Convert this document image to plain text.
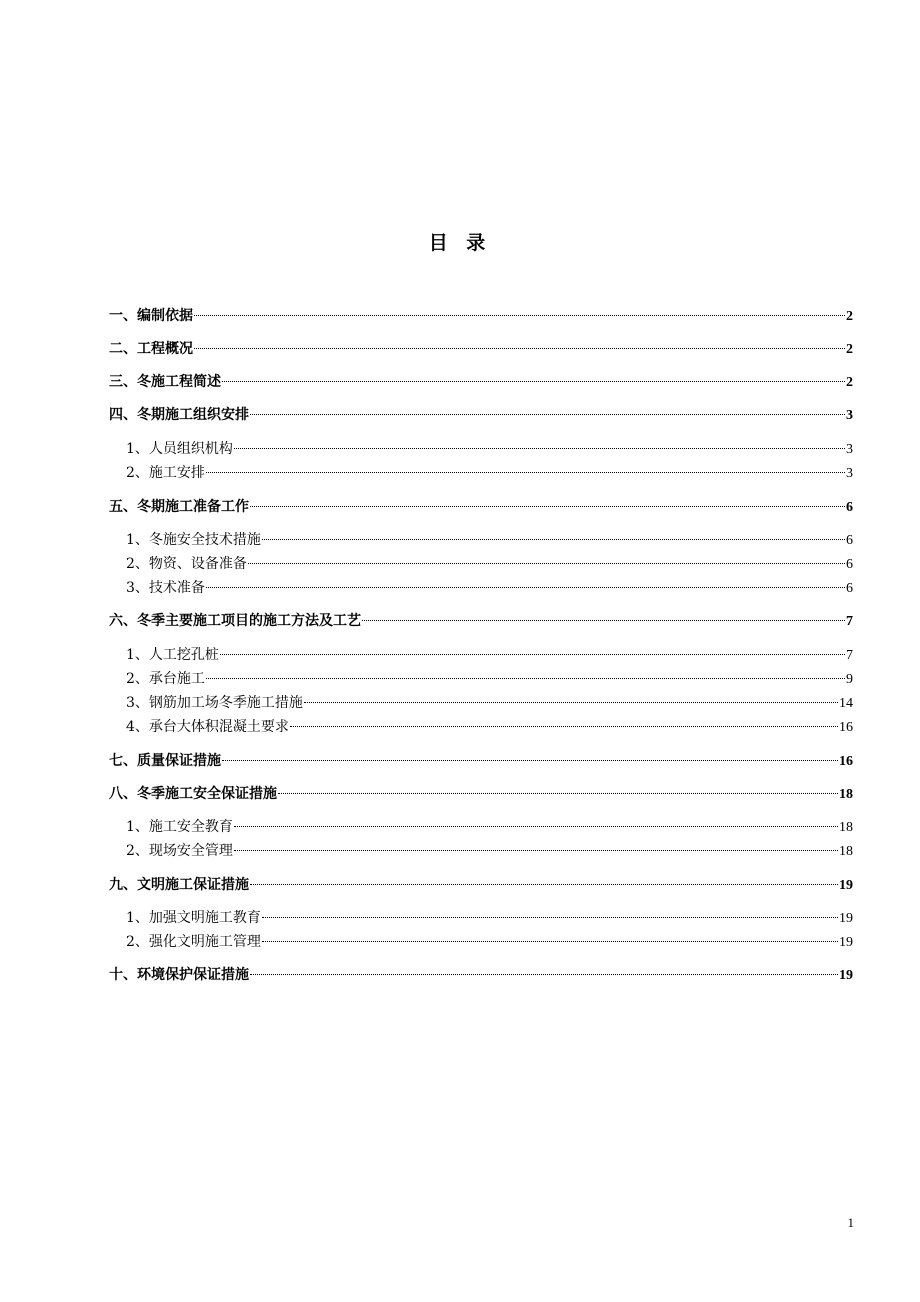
目 录
一、编制依据	2
二、工程概况	2
三、冬施工程简述	2
四、冬期施工组织安排	3
1、人员组织机构	3
2、施工安排	3
五、冬期施工准备工作	6
1、冬施安全技术措施	6
2、物资、设备准备	6
3、技术准备	6
六、冬季主要施工项目的施工方法及工艺	7
1、人工挖孔桩	7
2、承台施工	9
3、钢筋加工场冬季施工措施	14
4、承台大体积混凝土要求	16
七、质量保证措施	16
八、冬季施工安全保证措施	18
1、施工安全教育	18
2、现场安全管理	18
九、文明施工保证措施	19
1、加强文明施工教育	19
2、强化文明施工管理	19
十、环境保护保证措施	19
1
